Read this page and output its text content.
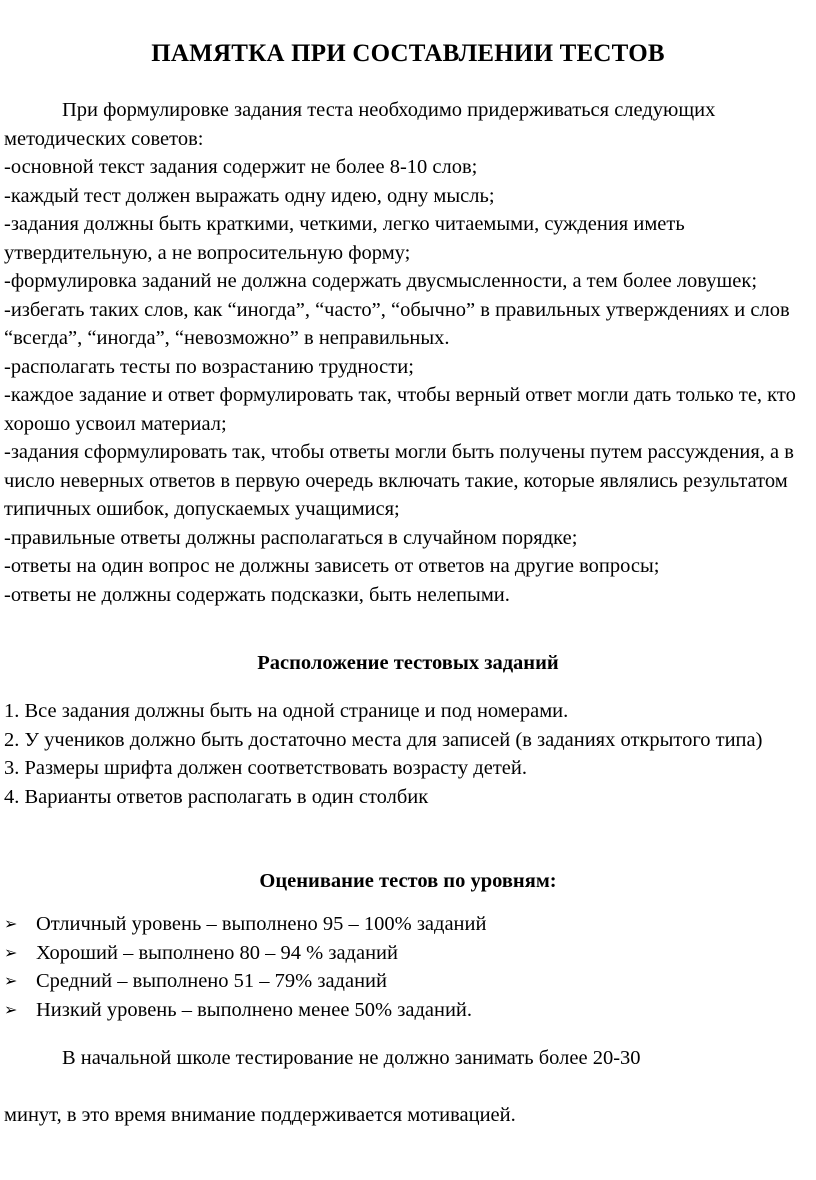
ПАМЯТКА ПРИ СОСТАВЛЕНИИ ТЕСТОВ

При формулировке задания теста необходимо придерживаться следующих методических советов:

-основной текст задания содержит не более 8-10 слов;

-каждый тест должен выражать одну идею, одну мысль;

-задания должны быть краткими, четкими, легко читаемыми, суждения иметь утвердительную, а не вопросительную форму;

-формулировка заданий не должна содержать двусмысленности, а тем более ловушек;

-избегать таких слов, как “иногда”, “часто”, “обычно” в правильных утверждениях и слов “всегда”, “иногда”, “невозможно” в неправильных.

-располагать тесты по возрастанию трудности;

-каждое задание и ответ формулировать так, чтобы верный ответ могли дать только те, кто хорошо усвоил материал;

-задания сформулировать так, чтобы ответы могли быть получены путем рассуждения, а в число неверных ответов в первую очередь включать такие, которые являлись результатом типичных ошибок, допускаемых учащимися;

-правильные ответы должны располагаться в случайном порядке;

-ответы на один вопрос не должны зависеть от ответов на другие вопросы;

-ответы не должны содержать подсказки, быть нелепыми.

Расположение тестовых заданий

1. Все задания должны быть на одной странице и под номерами.

2. У учеников должно быть достаточно места для записей (в заданиях открытого типа)

3. Размеры шрифта должен соответствовать возрасту детей.

4. Варианты ответов располагать в один столбик

Оценивание тестов по уровням:
➢ Отличный уровень – выполнено 95 – 100% заданий
➢ Хороший – выполнено 80 – 94 % заданий
➢ Средний – выполнено 51 – 79% заданий
➢ Низкий уровень – выполнено менее 50% заданий.
В начальной школе тестирование не должно занимать более 20-30
минут, в это время внимание поддерживается мотивацией.
